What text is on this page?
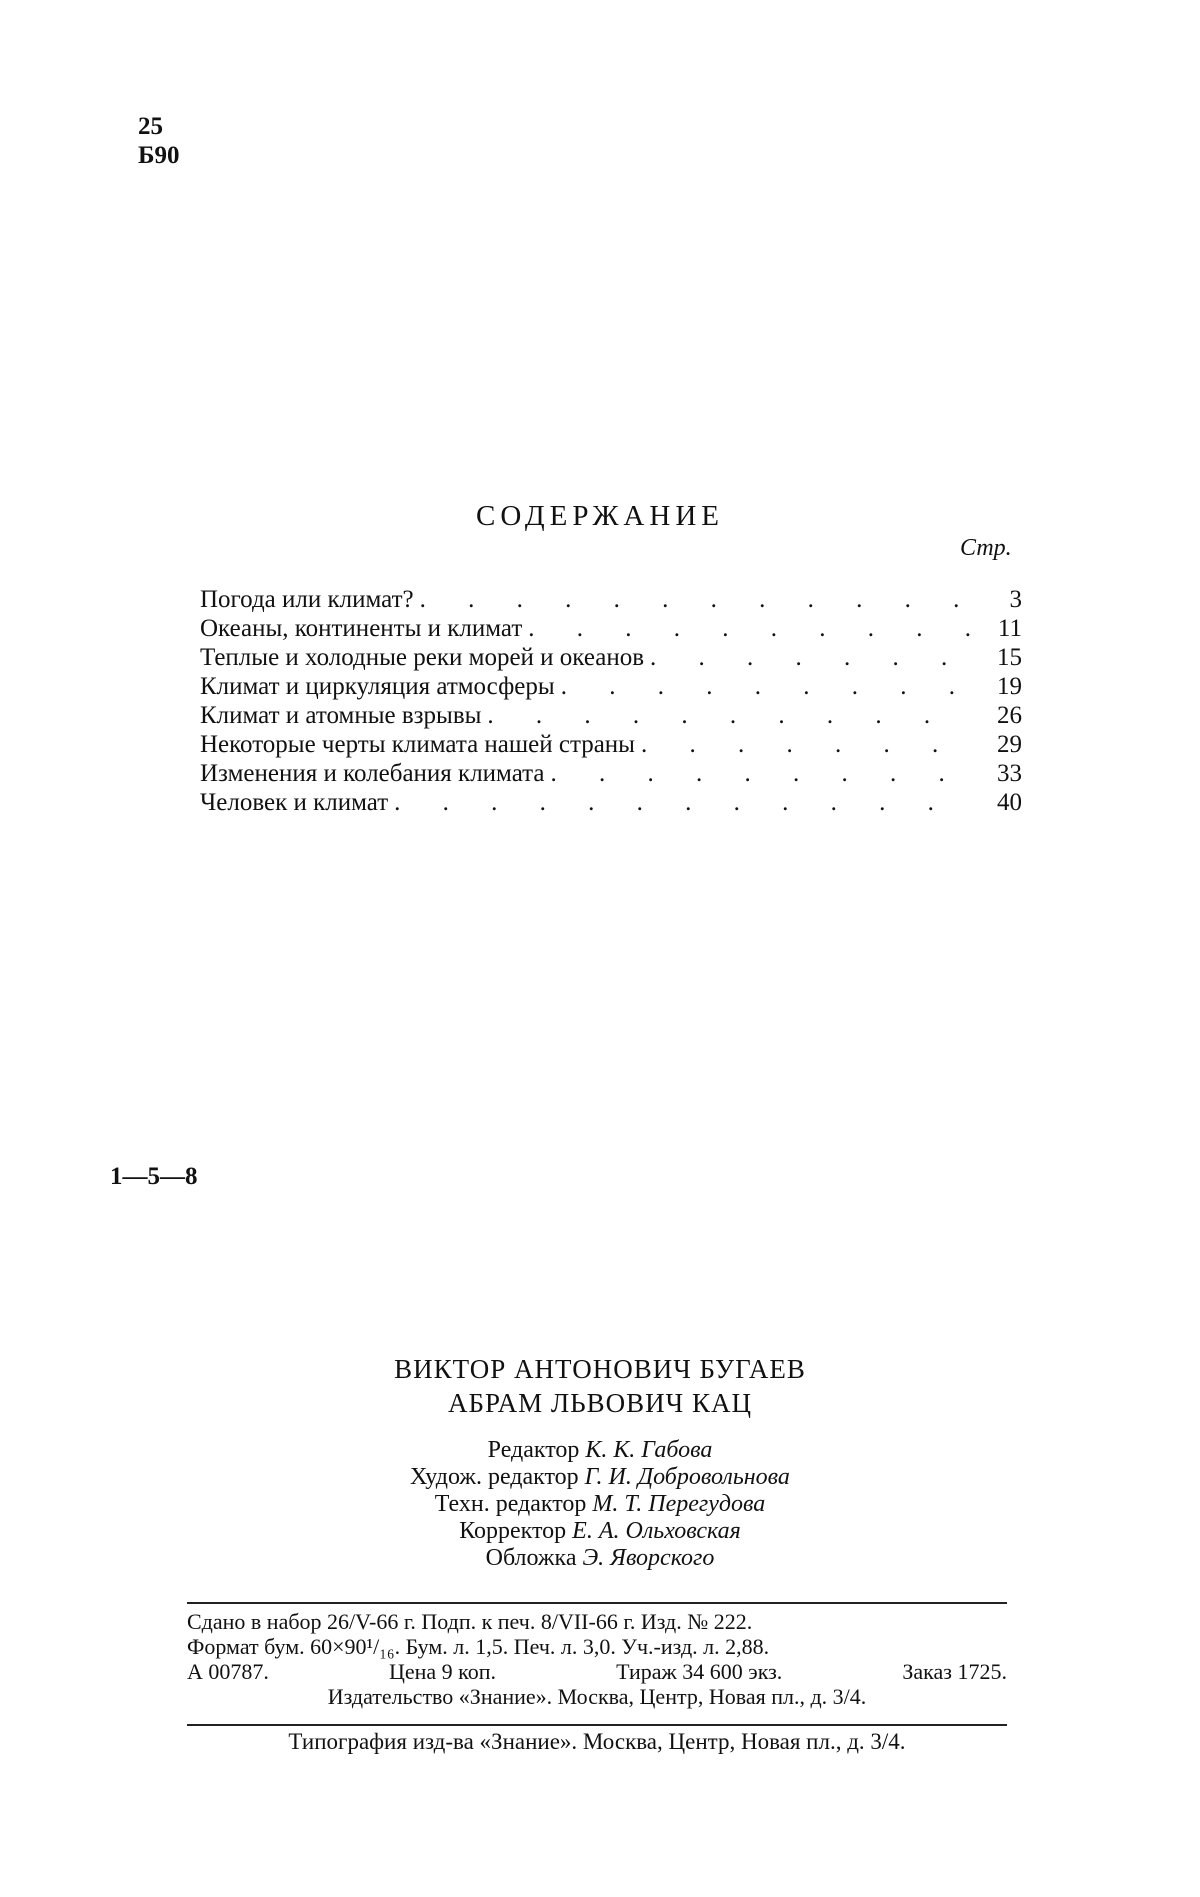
25
Б90
СОДЕРЖАНИЕ
Стр.
Погода или климат? . . .	3
Океаны, континенты и климат . . .	11
Теплые и холодные реки морей и океанов . . .	15
Климат и циркуляция атмосферы . . .	19
Климат и атомные взрывы . . .	26
Некоторые черты климата нашей страны . . .	29
Изменения и колебания климата . . .	33
Человек и климат . . .	40
1—5—8
ВИКТОР АНТОНОВИЧ БУГАЕВ
АБРАМ ЛЬВОВИЧ КАЦ
Редактор К. К. Габова
Худож. редактор Г. И. Добровольнова
Техн. редактор М. Т. Перегудова
Корректор Е. А. Ольховская
Обложка Э. Яворского
Сдано в набор 26/V-66 г. Подп. к печ. 8/VII-66 г. Изд. № 222.
Формат бум. 60×90¹/₁₆. Бум. л. 1,5. Печ. л. 3,0. Уч.-изд. л. 2,88.
А 00787.	Цена 9 коп.	Тираж 34 600 экз.	Заказ 1725.
Издательство «Знание». Москва, Центр, Новая пл., д. 3/4.
Типография изд-ва «Знание». Москва, Центр, Новая пл., д. 3/4.
